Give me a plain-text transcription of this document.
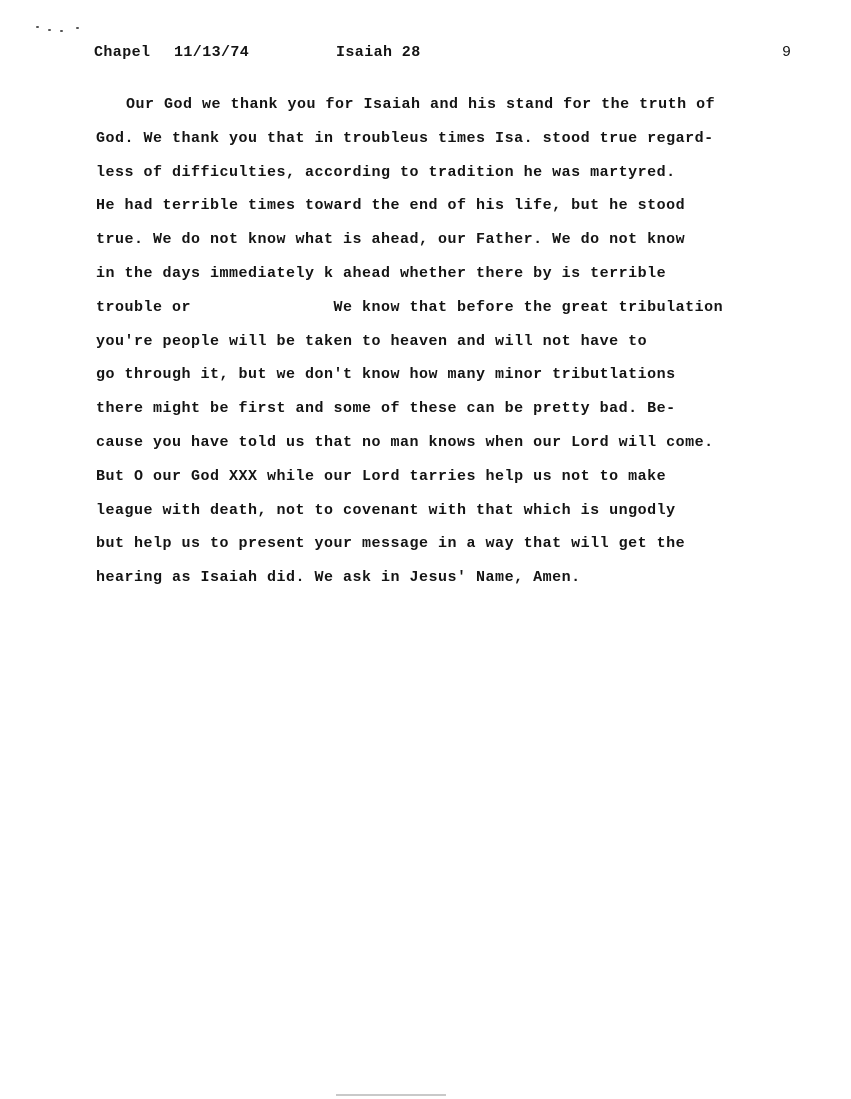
Chapel 11/13/74	Isaiah 28	9
Our God we thank you for Isaiah and his stand for the truth of
God. We thank you that in troubleus times Isa. stood true regard-
less of difficulties, according to tradition he was martyred.
He had terrible times toward the end of his life, but he stood
true. We do not know what is ahead, our Father. We do not know
in the days immediately k ahead whether there by is terrible
trouble or               We know that before the great tribulation
you're people will be taken to heaven and will not have to
go through it, but we don't know how many minor tributlations
there might be first and some of these can be pretty bad. Be-
cause you have told us that no man knows when our Lord will come.
But O our God XXX while our Lord tarries help us not to make
league with death, not to covenant with that which is ungodly
but help us to present your message in a way that will get the
hearing as Isaiah did. We ask in Jesus' Name, Amen.
